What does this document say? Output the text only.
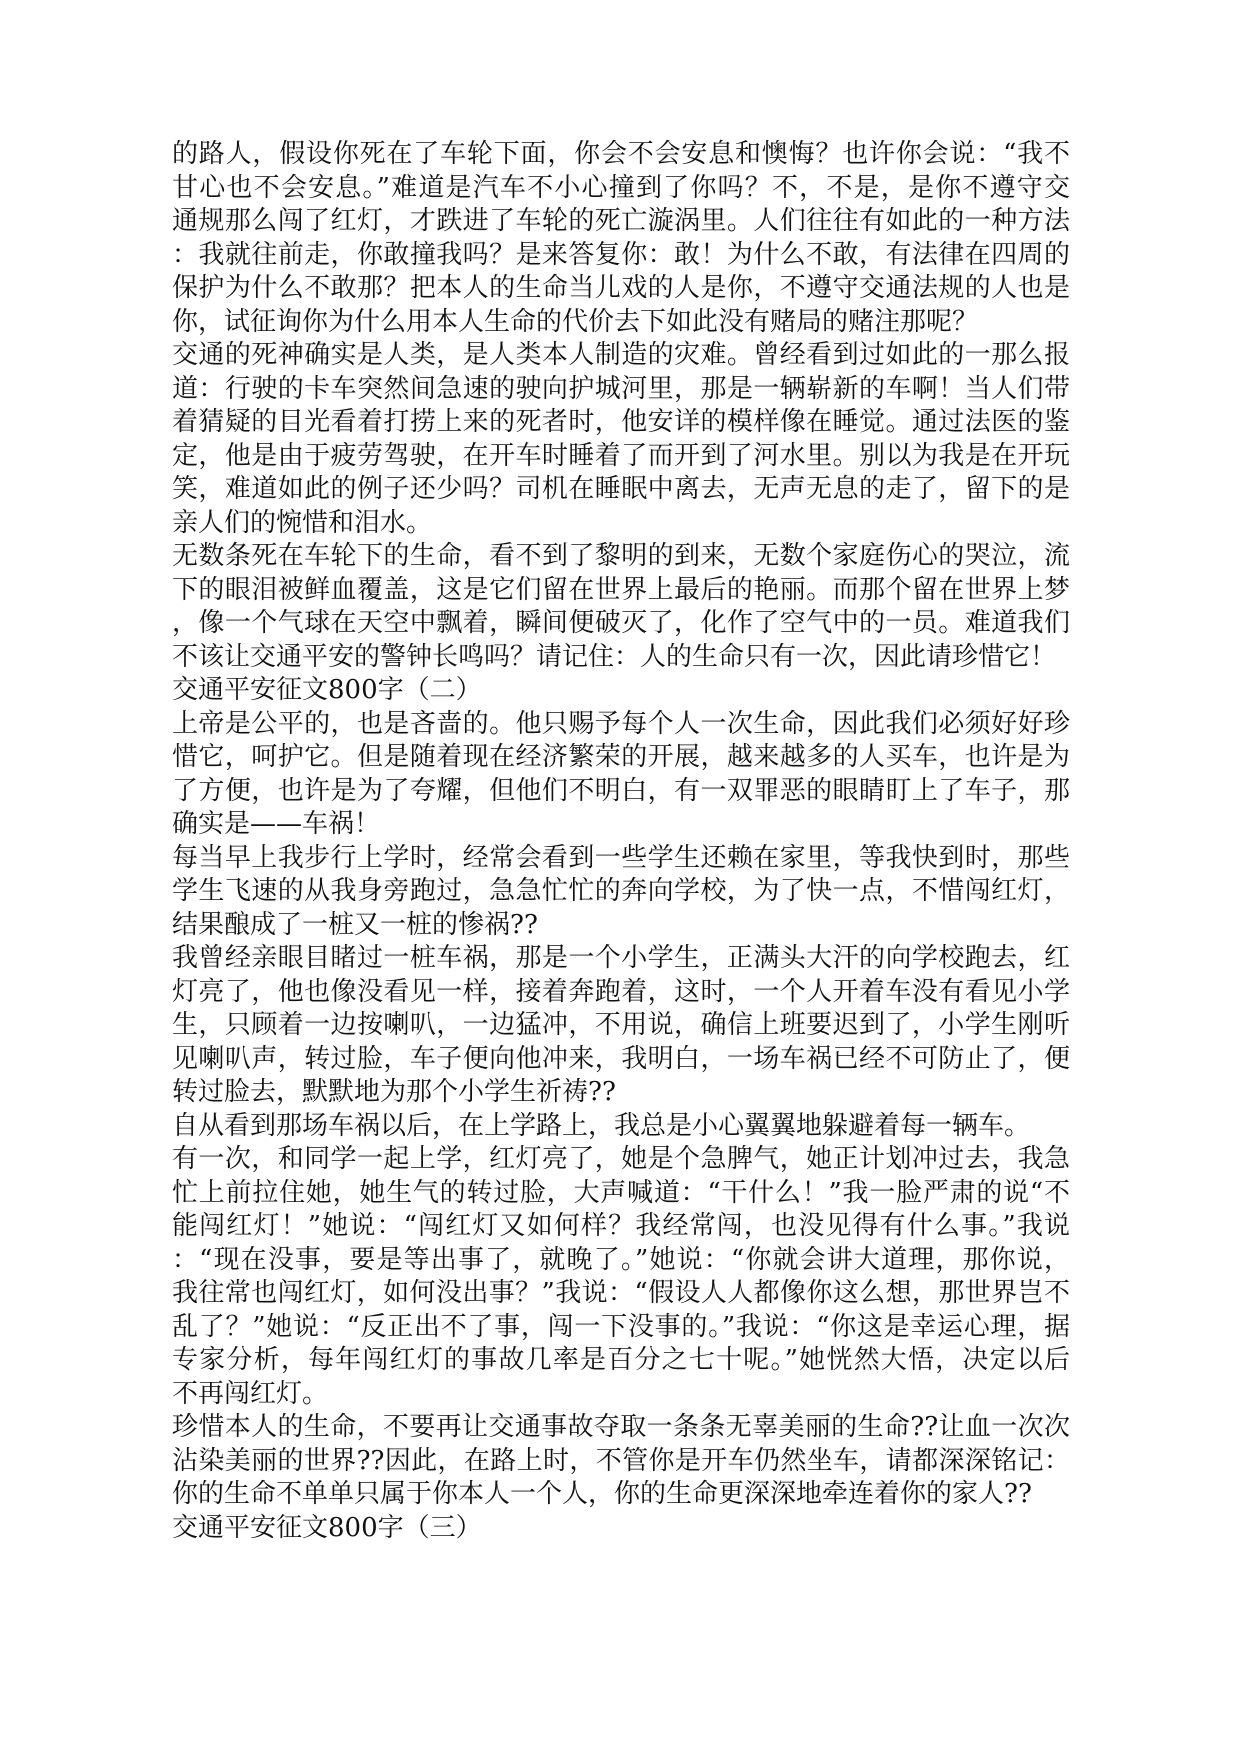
的路人，假设你死在了车轮下面，你会不会安息和懊悔？也许你会说：“我不
甘心也不会安息。”难道是汽车不小心撞到了你吗？不，不是，是你不遵守交
通规那么闯了红灯，才跌进了车轮的死亡漩涡里。人们往往有如此的一种方法
：我就往前走，你敢撞我吗？是来答复你：敢！为什么不敢，有法律在四周的
保护为什么不敢那？把本人的生命当儿戏的人是你，不遵守交通法规的人也是
你，试征询你为什么用本人生命的代价去下如此没有赌局的赌注那呢？
交通的死神确实是人类，是人类本人制造的灾难。曾经看到过如此的一那么报
道：行驶的卡车突然间急速的驶向护城河里，那是一辆崭新的车啊！当人们带
着猜疑的目光看着打捞上来的死者时，他安详的模样像在睡觉。通过法医的鉴
定，他是由于疲劳驾驶，在开车时睡着了而开到了河水里。别以为我是在开玩
笑，难道如此的例子还少吗？司机在睡眠中离去，无声无息的走了，留下的是
亲人们的惋惜和泪水。
无数条死在车轮下的生命，看不到了黎明的到来，无数个家庭伤心的哭泣，流
下的眼泪被鲜血覆盖，这是它们留在世界上最后的艳丽。而那个留在世界上梦
，像一个气球在天空中飘着，瞬间便破灭了，化作了空气中的一员。难道我们
不该让交通平安的警钟长鸣吗？请记住：人的生命只有一次，因此请珍惜它！
交通平安征文800字（二）
上帝是公平的，也是吝啬的。他只赐予每个人一次生命，因此我们必须好好珍
惜它，呵护它。但是随着现在经济繁荣的开展，越来越多的人买车，也许是为
了方便，也许是为了夸耀，但他们不明白，有一双罪恶的眼睛盯上了车子，那
确实是——车祸！
每当早上我步行上学时，经常会看到一些学生还赖在家里，等我快到时，那些
学生飞速的从我身旁跑过，急急忙忙的奔向学校，为了快一点，不惜闯红灯，
结果酿成了一桩又一桩的惨祸??
我曾经亲眼目睹过一桩车祸，那是一个小学生，正满头大汗的向学校跑去，红
灯亮了，他也像没看见一样，接着奔跑着，这时，一个人开着车没有看见小学
生，只顾着一边按喇叭，一边猛冲，不用说，确信上班要迟到了，小学生刚听
见喇叭声，转过脸，车子便向他冲来，我明白，一场车祸已经不可防止了，便
转过脸去，默默地为那个小学生祈祷??
自从看到那场车祸以后，在上学路上，我总是小心翼翼地躲避着每一辆车。
有一次，和同学一起上学，红灯亮了，她是个急脾气，她正计划冲过去，我急
忙上前拉住她，她生气的转过脸，大声喊道：“干什么！”我一脸严肃的说“不
能闯红灯！”她说：“闯红灯又如何样？我经常闯，也没见得有什么事。”我说
：“现在没事，要是等出事了，就晚了。”她说：“你就会讲大道理，那你说，
我往常也闯红灯，如何没出事？”我说：“假设人人都像你这么想，那世界岂不
乱了？”她说：“反正出不了事，闯一下没事的。”我说：“你这是幸运心理，据
专家分析，每年闯红灯的事故几率是百分之七十呢。”她恍然大悟，决定以后
不再闯红灯。
珍惜本人的生命，不要再让交通事故夺取一条条无辜美丽的生命??让血一次次
沾染美丽的世界??因此，在路上时，不管你是开车仍然坐车，请都深深铭记：
你的生命不单单只属于你本人一个人，你的生命更深深地牵连着你的家人??
交通平安征文800字（三）
